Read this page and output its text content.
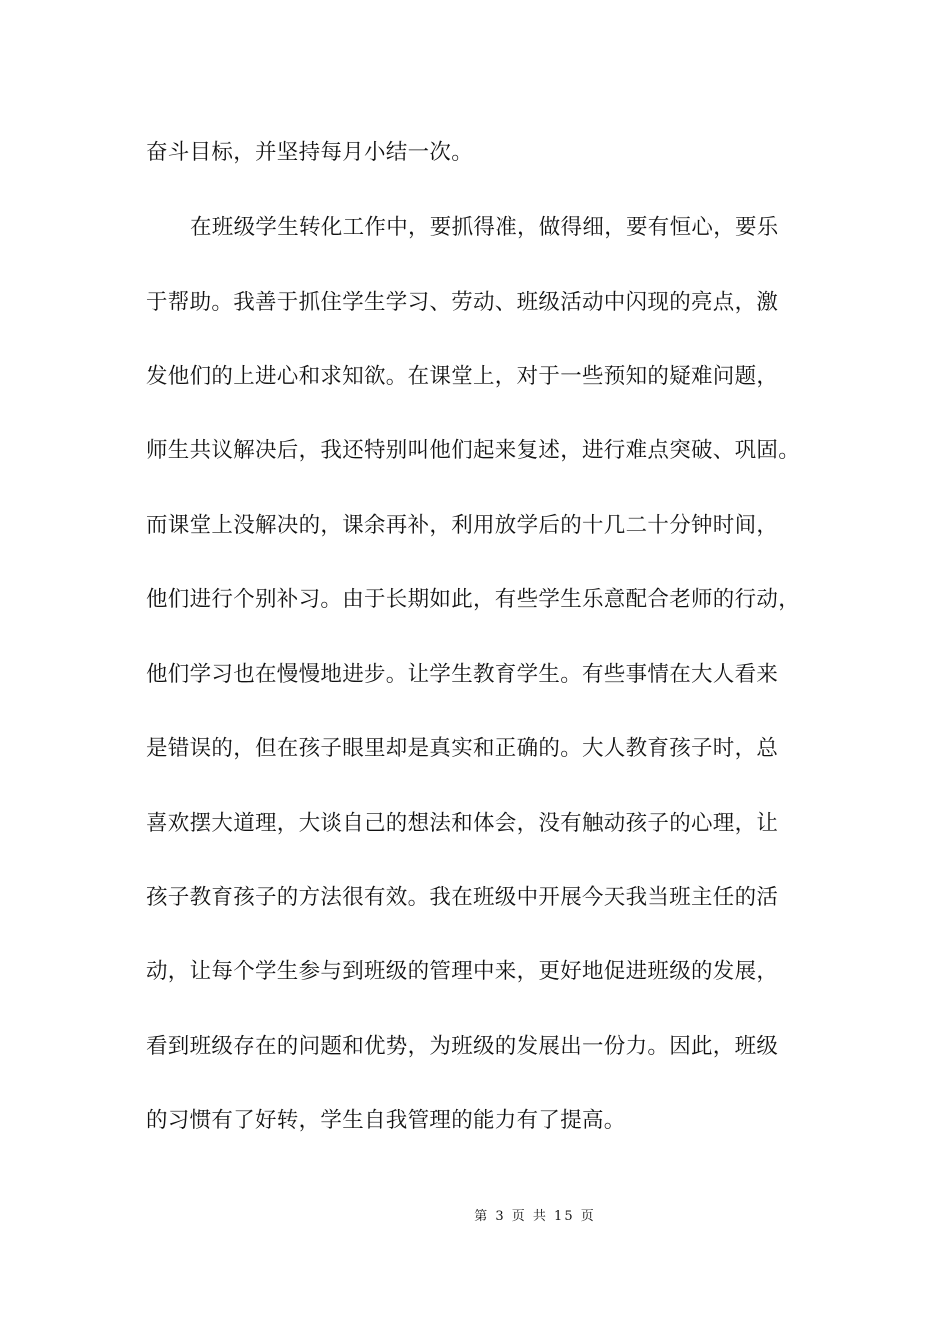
奋斗目标，并坚持每月小结一次。
在班级学生转化工作中，要抓得准，做得细，要有恒心，要乐
于帮助。我善于抓住学生学习、劳动、班级活动中闪现的亮点，激
发他们的上进心和求知欲。在课堂上，对于一些预知的疑难问题，
师生共议解决后，我还特别叫他们起来复述，进行难点突破、巩固。
而课堂上没解决的，课余再补，利用放学后的十几二十分钟时间，
他们进行个别补习。由于长期如此，有些学生乐意配合老师的行动，
他们学习也在慢慢地进步。让学生教育学生。有些事情在大人看来
是错误的，但在孩子眼里却是真实和正确的。大人教育孩子时，总
喜欢摆大道理，大谈自己的想法和体会，没有触动孩子的心理，让
孩子教育孩子的方法很有效。我在班级中开展今天我当班主任的活
动，让每个学生参与到班级的管理中来，更好地促进班级的发展，
看到班级存在的问题和优势，为班级的发展出一份力。因此，班级
的习惯有了好转，学生自我管理的能力有了提高。
第 3 页 共 15 页
